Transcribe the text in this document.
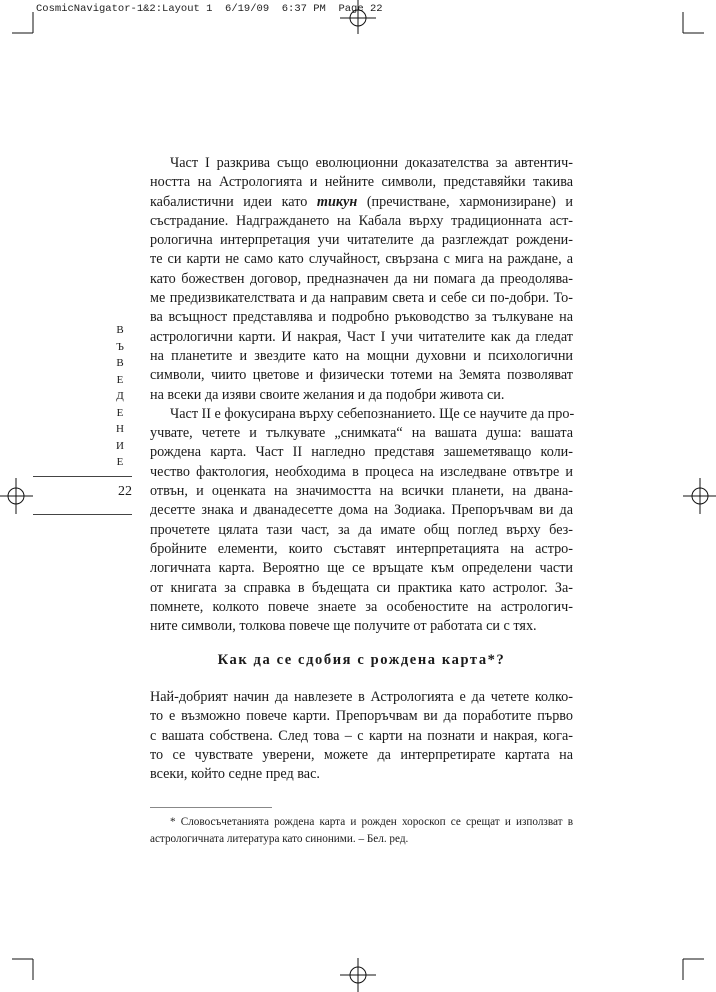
CosmicNavigator-1&2:Layout 1  6/19/09  6:37 PM  Page 22
В
Ъ
В
Е
Д
Е
Н
И
Е
22
Част I разкрива също еволюционни доказателства за автентич-
ността на Астрологията и нейните символи, представяйки такива
кабалистични идеи като тикун (пречистване, хармонизиране) и
състрадание. Надграждането на Кабала върху традиционната аст-
рологична интерпретация учи читателите да разглеждат рождени-
те си карти не само като случайност, свързана с мига на раждане, а
като божествен договор, предназначен да ни помага да преодолява-
ме предизвикателствата и да направим света и себе си по-добри. То-
ва всъщност представлява и подробно ръководство за тълкуване на
астрологични карти. И накрая, Част I учи читателите как да гледат
на планетите и звездите като на мощни духовни и психологични
символи, чиито цветове и физически тотеми на Земята позволяват
на всеки да изяви своите желания и да подобри живота си.
Част II е фокусирана върху себепознанието. Ще се научите да про-
учвате, четете и тълкувате „снимката“ на вашата душа: вашата
рождена карта. Част II нагледно представя зашеметяващо коли-
чество фактология, необходима в процеса на изследване отвътре и
отвън, и оценката на значимостта на всички планети, на двана-
десетте знака и дванадесетте дома на Зодиака. Препоръчвам ви да
прочетете цялата тази част, за да имате общ поглед върху без-
бройните елементи, които съставят интерпретацията на астро-
логичната карта. Вероятно ще се връщате към определени части
от книгата за справка в бъдещата си практика като астролог. За-
помнете, колкото повече знаете за особеностите на астрологич-
ните символи, толкова повече ще получите от работата си с тях.
Как да се сдобия с рождена карта*?
Най-добрият начин да навлезете в Астрологията е да четете колко-
то е възможно повече карти. Препоръчвам ви да поработите първо
с вашата собствена. След това – с карти на познати и накрая, кога-
то се чувствате уверени, можете да интерпретирате картата на
всеки, който седне пред вас.
* Словосъчетанията рождена карта и рожден хороскоп се срещат и използват в
астрологичната литература като синоними. – Бел. ред.
